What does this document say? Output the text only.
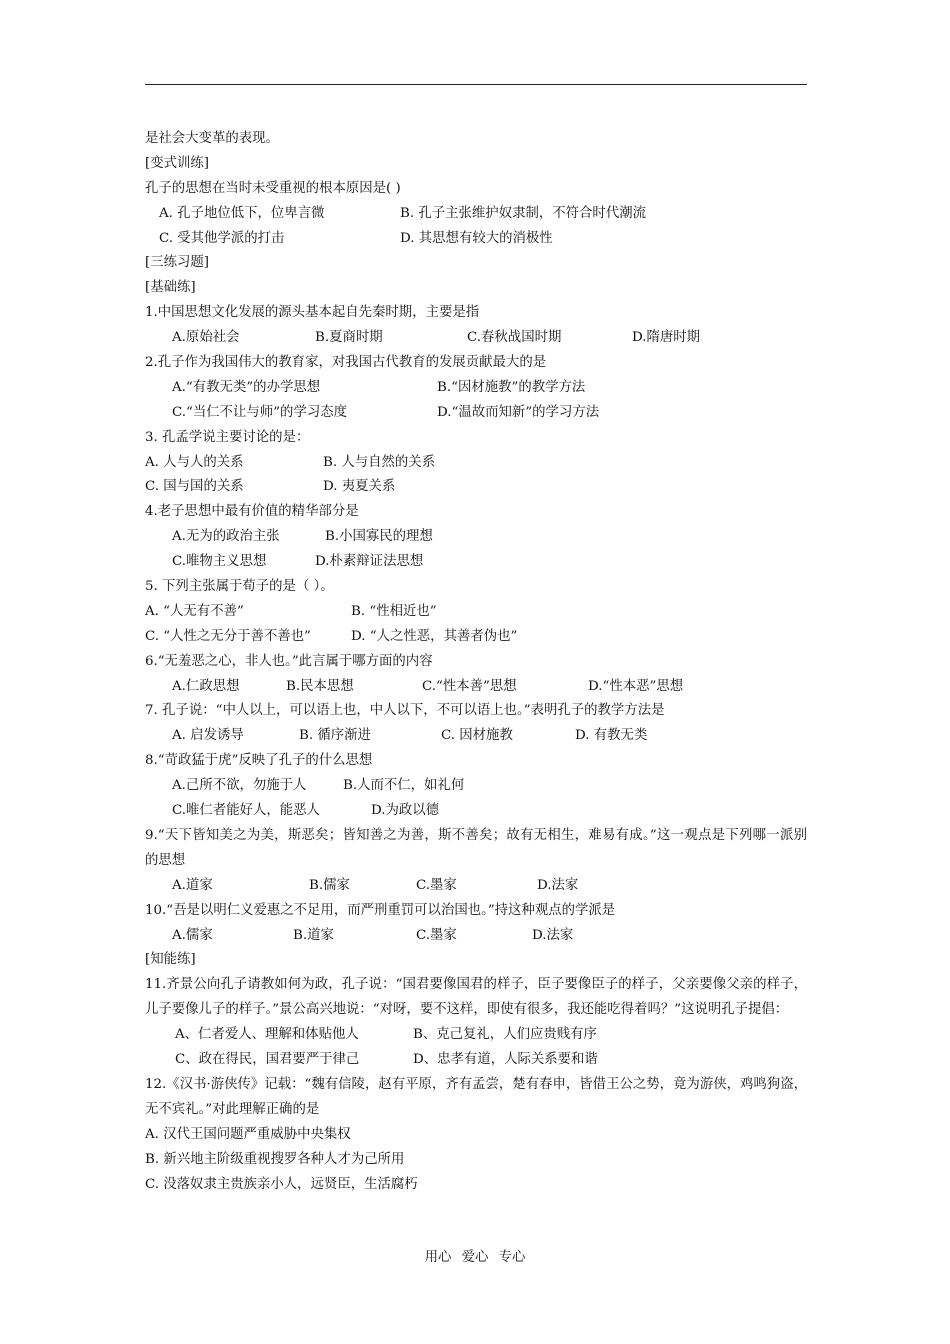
是社会大变革的表现。
[变式训练]
孔子的思想在当时未受重视的根本原因是( )
A. 孔子地位低下，位卑言微	B. 孔子主张维护奴隶制，不符合时代潮流
C. 受其他学派的打击	D. 其思想有较大的消极性
[三练习题]
[基础练]
1.中国思想文化发展的源头基本起自先秦时期，主要是指
A.原始社会	B.夏商时期	C.春秋战国时期	D.隋唐时期
2.孔子作为我国伟大的教育家，对我国古代教育的发展贡献最大的是
A.“有教无类”的办学思想	B.“因材施教”的教学方法
C.“当仁不让与师”的学习态度	D.“温故而知新”的学习方法
3. 孔孟学说主要讨论的是：
A. 人与人的关系	B. 人与自然的关系
C. 国与国的关系	D. 夷夏关系
4.老子思想中最有价值的精华部分是
A.无为的政治主张	B.小国寡民的理想
C.唯物主义思想	D.朴素辩证法思想
5. 下列主张属于荀子的是（ ）。
A. “人无有不善”	B. “性相近也”
C. “人性之无分于善不善也”	D. “人之性恶，其善者伪也”
6.“无羞恶之心，非人也。”此言属于哪方面的内容
A.仁政思想	B.民本思想	C.“性本善”思想	D.“性本恶”思想
7. 孔子说：“中人以上，可以语上也，中人以下，不可以语上也。”表明孔子的教学方法是
A. 启发诱导	B. 循序渐进	C. 因材施教	D. 有教无类
8.“苛政猛于虎”反映了孔子的什么思想
A.己所不欲，勿施于人	B.人而不仁，如礼何
C.唯仁者能好人，能恶人	D.为政以德
9.“天下皆知美之为美，斯恶矣；皆知善之为善，斯不善矣；故有无相生，难易有成。”这一观点是下列哪一派别的思想
A.道家	B.儒家	C.墨家	D.法家
10.“吾是以明仁义爱惠之不足用，而严刑重罚可以治国也。”持这种观点的学派是
A.儒家	B.道家	C.墨家	D.法家
[知能练]
11.齐景公向孔子请教如何为政，孔子说：“国君要像国君的样子，臣子要像臣子的样子，父亲要像父亲的样子，儿子要像儿子的样子。”景公高兴地说：“对呀，要不这样，即使有很多，我还能吃得着吗？”这说明孔子提倡：
A、仁者爱人、理解和体贴他人	B、克己复礼，人们应贵贱有序
C、政在得民，国君要严于律己	D、忠孝有道，人际关系要和谐
12.《汉书·游侠传》记载：“魏有信陵，赵有平原，齐有孟尝，楚有春申，皆借王公之势，竟为游侠，鸡鸣狗盗，无不宾礼。”对此理解正确的是
A. 汉代王国问题严重威胁中央集权
B. 新兴地主阶级重视搜罗各种人才为己所用
C. 没落奴隶主贵族亲小人，远贤臣，生活腐朽
用心 爱心 专心
